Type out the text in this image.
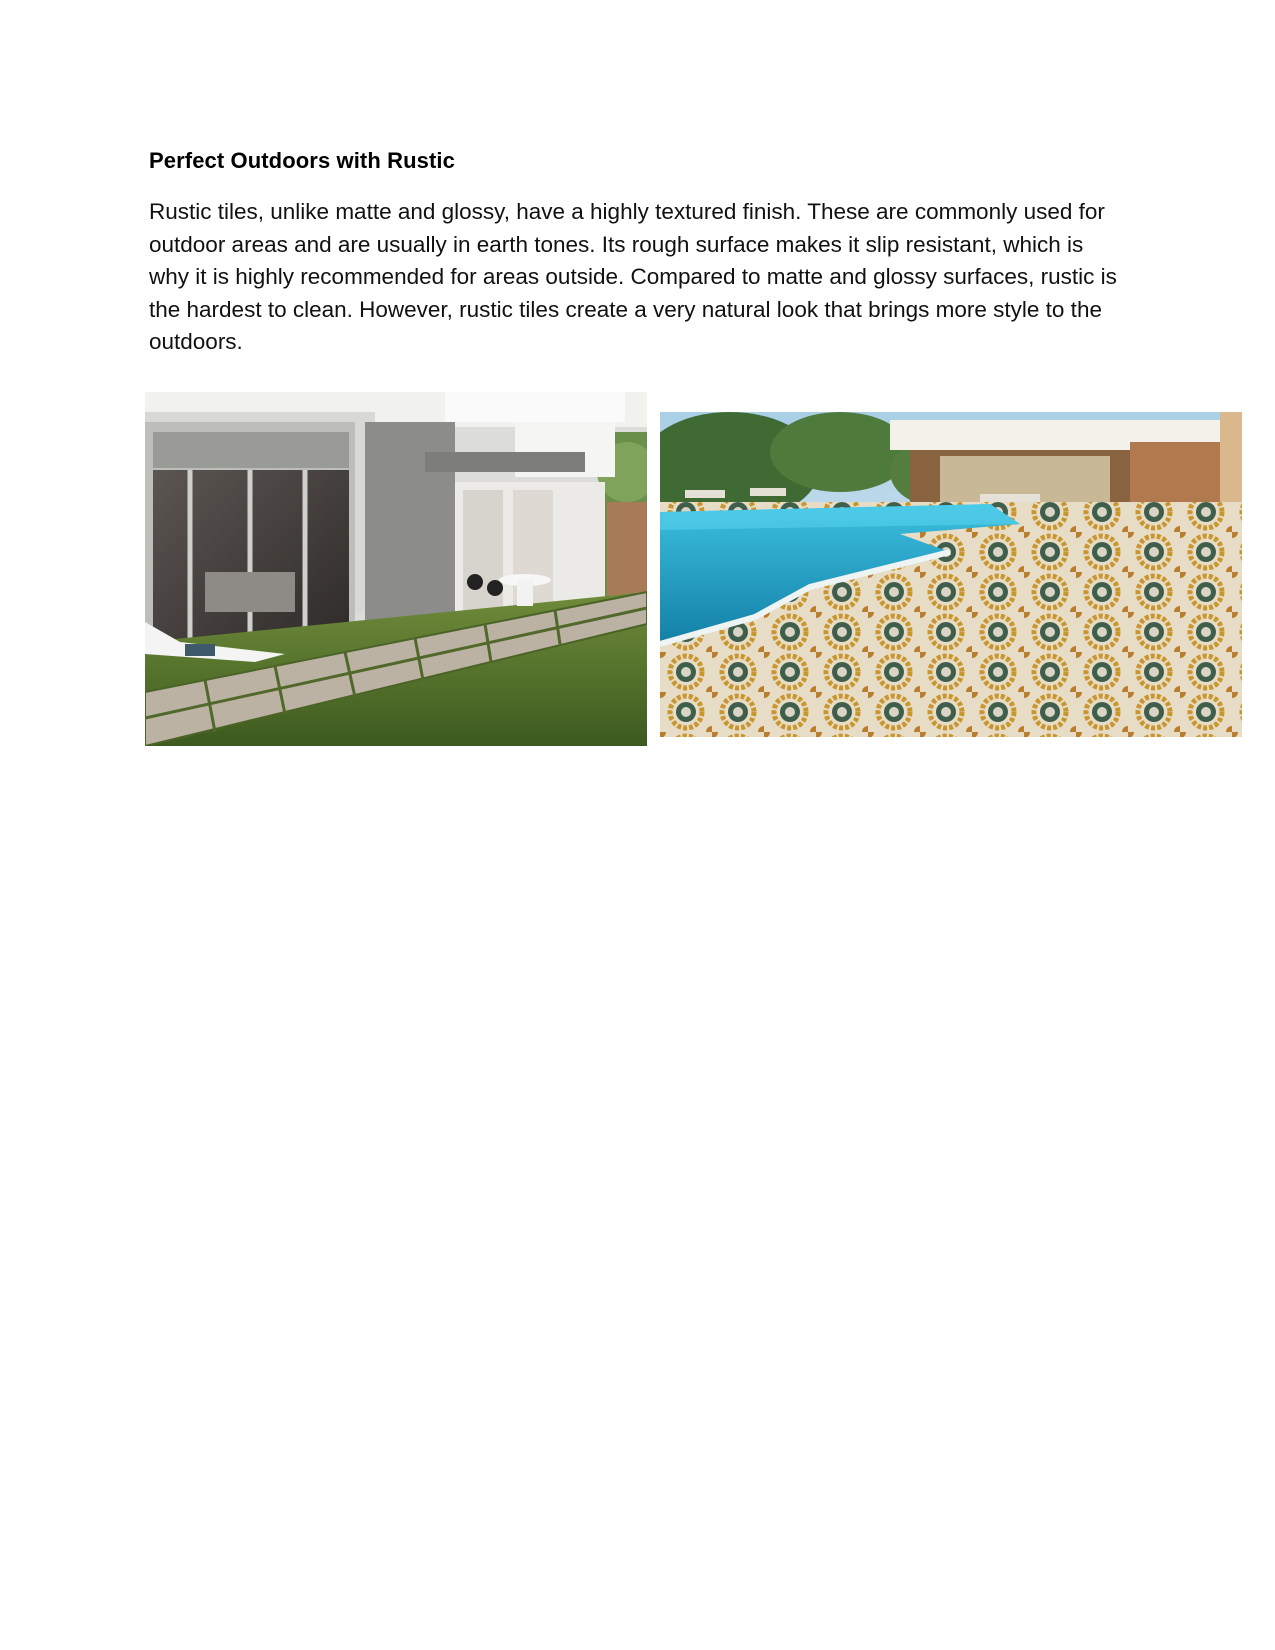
Perfect Outdoors with Rustic

Rustic tiles, unlike matte and glossy, have a highly textured finish. These are commonly used for outdoor areas and are usually in earth tones. Its rough surface makes it slip resistant, which is why it is highly recommended for areas outside. Compared to matte and glossy surfaces, rustic is the hardest to clean. However, rustic tiles create a very natural look that brings more style to the outdoors.
